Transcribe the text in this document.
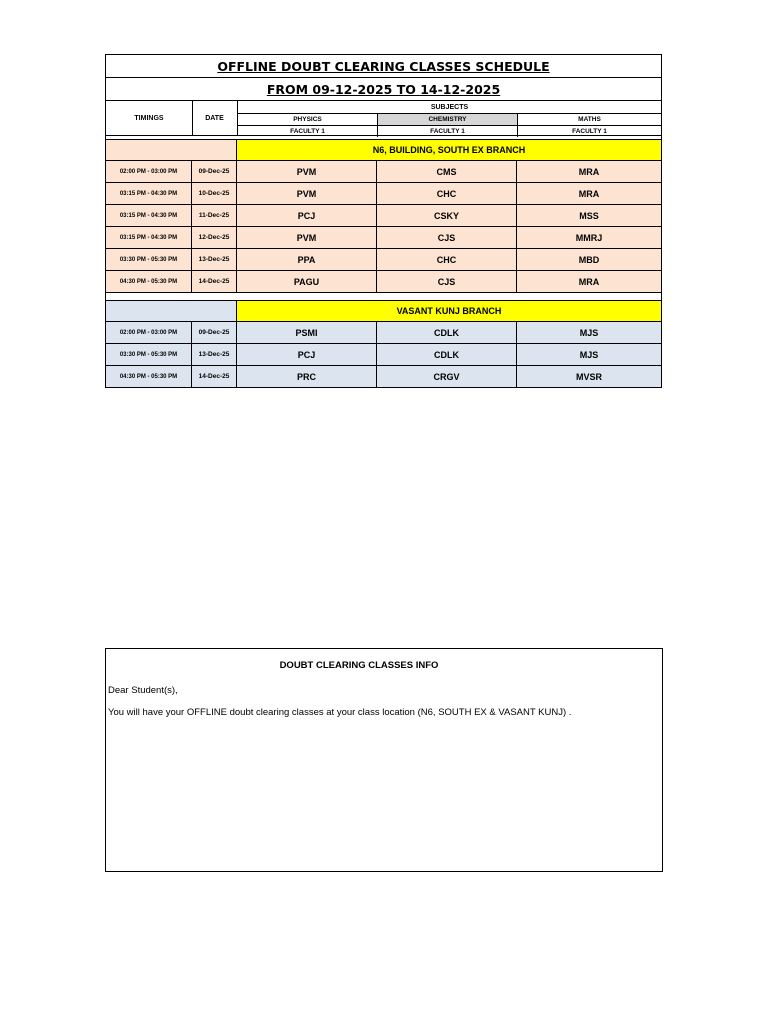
OFFLINE DOUBT CLEARING CLASSES SCHEDULE
FROM 09-12-2025 TO 14-12-2025
TIMINGS	DATE
SUBJECTS
PHYSICS	CHEMISTRY	MATHS
FACULTY 1	FACULTY 1	FACULTY 1
N6, BUILDING, SOUTH EX BRANCH
02:00 PM - 03:00 PM	09-Dec-25	PVM	CMS	MRA
03:15 PM - 04:30 PM	10-Dec-25	PVM	CHC	MRA
03:15 PM - 04:30 PM	11-Dec-25	PCJ	CSKY	MSS
03:15 PM - 04:30 PM	12-Dec-25	PVM	CJS	MMRJ
03:30 PM - 05:30 PM	13-Dec-25	PPA	CHC	MBD
04:30 PM - 05:30 PM	14-Dec-25	PAGU	CJS	MRA
VASANT KUNJ BRANCH
02:00 PM - 03:00 PM	09-Dec-25	PSMI	CDLK	MJS
03:30 PM - 05:30 PM	13-Dec-25	PCJ	CDLK	MJS
04:30 PM - 05:30 PM	14-Dec-25	PRC	CRGV	MVSR
DOUBT CLEARING CLASSES INFO
Dear Student(s),
You will have your OFFLINE doubt clearing classes at your class location (N6, SOUTH EX & VASANT KUNJ) .
